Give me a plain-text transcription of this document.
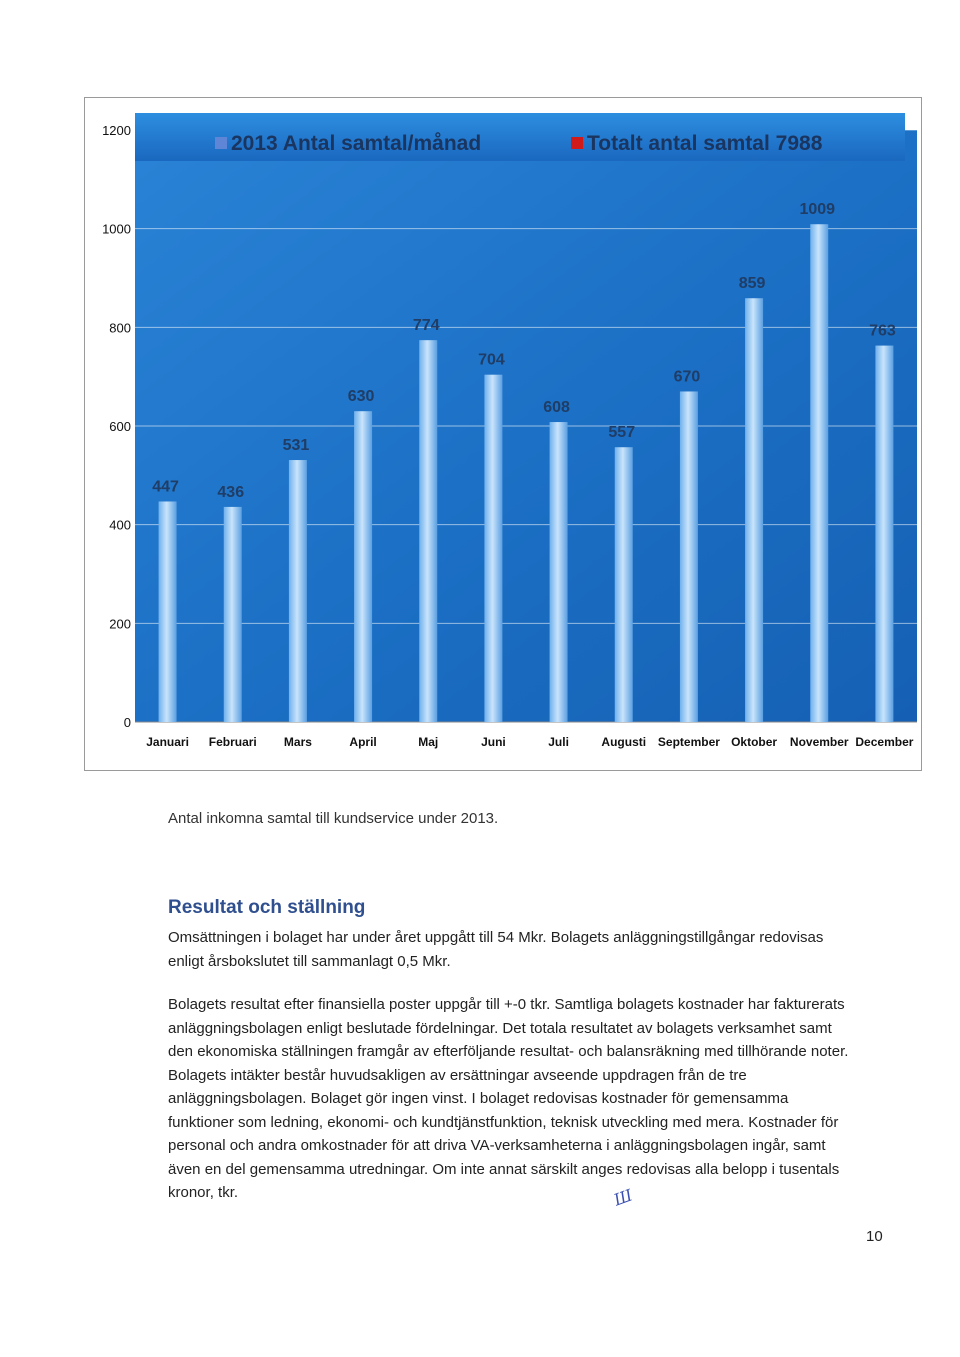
0
200
400
600
800
1000
1200
447
Januari
436
Februari
531
Mars
630
April
774
Maj
704
Juni
608
Juli
557
Augusti
670
September
859
Oktober
1009
November
763
December
2013 Antal samtal/månad	Totalt antal samtal 7988
Antal inkomna samtal till kundservice under 2013.
Resultat och ställning
Omsättningen i bolaget har under året uppgått till 54 Mkr. Bolagets anläggningstillgångar redovisas enligt årsbokslutet till sammanlagt 0,5 Mkr.
Bolagets resultat efter finansiella poster uppgår till +-0 tkr. Samtliga bolagets kostnader har fakturerats anläggningsbolagen enligt beslutade fördelningar. Det totala resultatet av bolagets verksamhet samt den ekonomiska ställningen framgår av efterföljande resultat- och balansräkning med tillhörande noter. Bolagets intäkter består huvudsakligen av ersättningar avseende uppdragen från de tre anläggningsbolagen. Bolaget gör ingen vinst. I bolaget redovisas kostnader för gemensamma funktioner som ledning, ekonomi- och kundtjänstfunktion, teknisk utveckling med mera. Kostnader för personal och andra omkostnader för att driva VA-verksamheterna i anläggningsbolagen ingår, samt även en del gemensamma utredningar. Om inte annat särskilt anges redovisas alla belopp i tusentals kronor, tkr.	Ш
10
